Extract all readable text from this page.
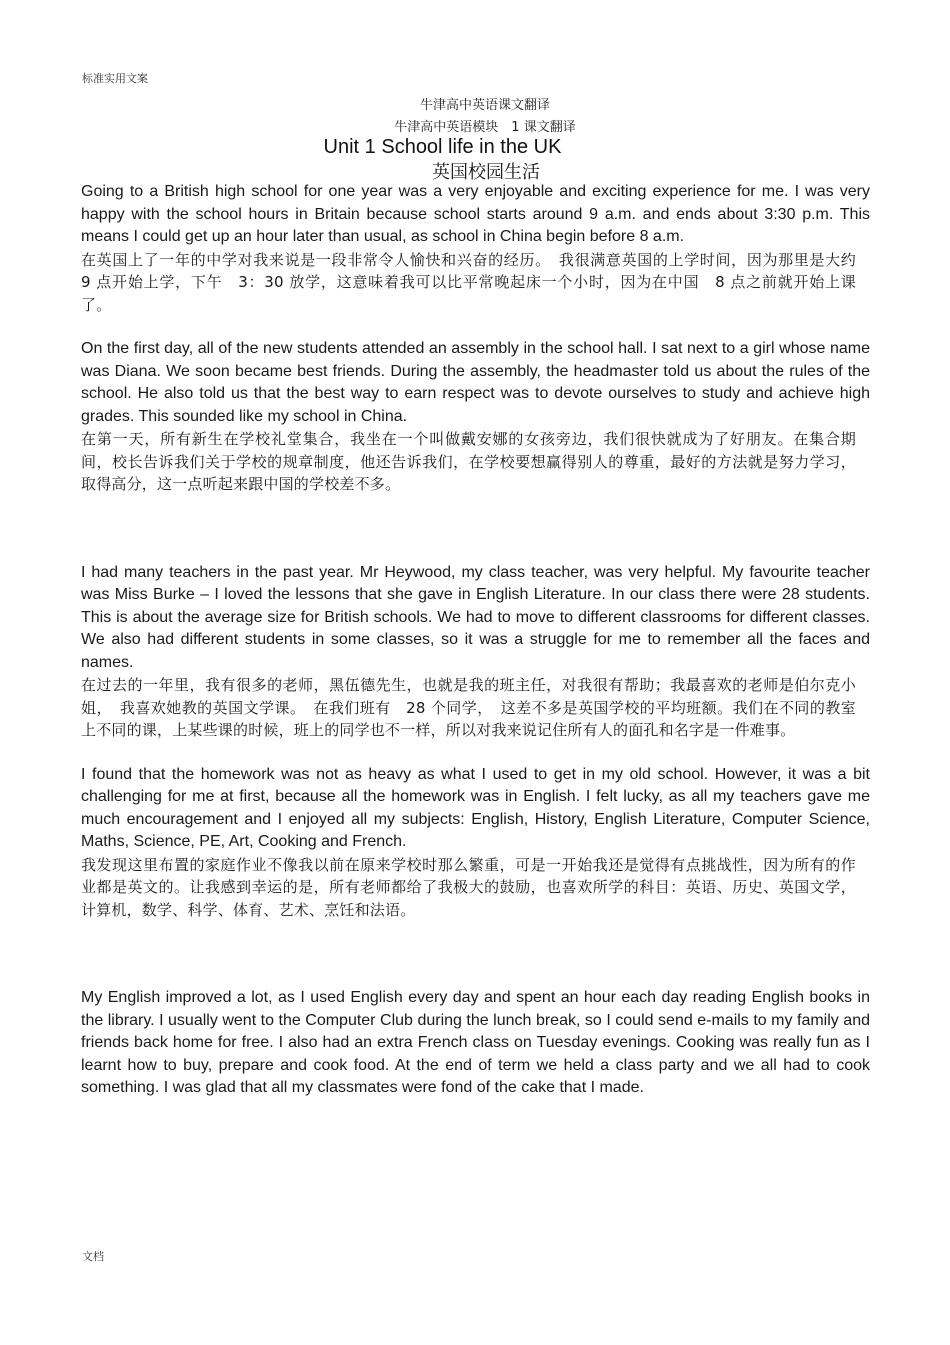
标准实用文案
牛津高中英语课文翻译
牛津高中英语模块　1 课文翻译
Unit 1 School life in the UK
英国校园生活

Going to a British high school for one year was a very enjoyable and exciting experience for me. I was very happy with the school hours in Britain because school starts around 9 a.m. and ends about 3:30 p.m. This means I could get up an hour later than usual, as school in China begin before 8 a.m.

在英国上了一年的中学对我来说是一段非常令人愉快和兴奋的经历。　我很满意英国的上学时间，因为那里是大约　9 点开始上学，下午　3：30 放学，这意味着我可以比平常晚起床一个小时，因为在中国　8 点之前就开始上课了。

On the first day, all of the new students attended an assembly in the school hall. I sat next to a girl whose name was Diana. We soon became best friends. During the assembly, the headmaster told us about the rules of the school. He also told us that the best way to earn respect was to devote ourselves to study and achieve high grades. This sounded like my school in China.

在第一天，所有新生在学校礼堂集合，我坐在一个叫做戴安娜的女孩旁边，我们很快就成为了好朋友。在集合期间，校长告诉我们关于学校的规章制度，他还告诉我们，在学校要想赢得别人的尊重，最好的方法就是努力学习，取得高分，这一点听起来跟中国的学校差不多。

I had many teachers in the past year. Mr Heywood, my class teacher, was very helpful. My favourite teacher was Miss Burke – I loved the lessons that she gave in English Literature. In our class there were 28 students. This is about the average size for British schools. We had to move to different classrooms for different classes. We also had different students in some classes, so it was a struggle for me to remember all the faces and names.

在过去的一年里，我有很多的老师，黑伍德先生，也就是我的班主任，对我很有帮助；我最喜欢的老师是伯尔克小姐，　我喜欢她教的英国文学课。　在我们班有　28 个同学，　这差不多是英国学校的平均班额。我们在不同的教室上不同的课，上某些课的时候，班上的同学也不一样，所以对我来说记住所有人的面孔和名字是一件难事。

I found that the homework was not as heavy as what I used to get in my old school. However, it was a bit challenging for me at first, because all the homework was in English. I felt lucky, as all my teachers gave me much encouragement and I enjoyed all my subjects: English, History, English Literature, Computer Science, Maths, Science, PE, Art, Cooking and French.

我发现这里布置的家庭作业不像我以前在原来学校时那么繁重，可是一开始我还是觉得有点挑战性，因为所有的作业都是英文的。让我感到幸运的是，所有老师都给了我极大的鼓励，也喜欢所学的科目：英语、历史、英国文学，计算机，数学、科学、体育、艺术、烹饪和法语。

My English improved a lot, as I used English every day and spent an hour each day reading English books in the library. I usually went to the Computer Club during the lunch break, so I could send e-mails to my family and friends back home for free. I also had an extra French class on Tuesday evenings. Cooking was really fun as I learnt how to buy, prepare and cook food. At the end of term we held a class party and we all had to cook something. I was glad that all my classmates were fond of the cake that I made.

文档
